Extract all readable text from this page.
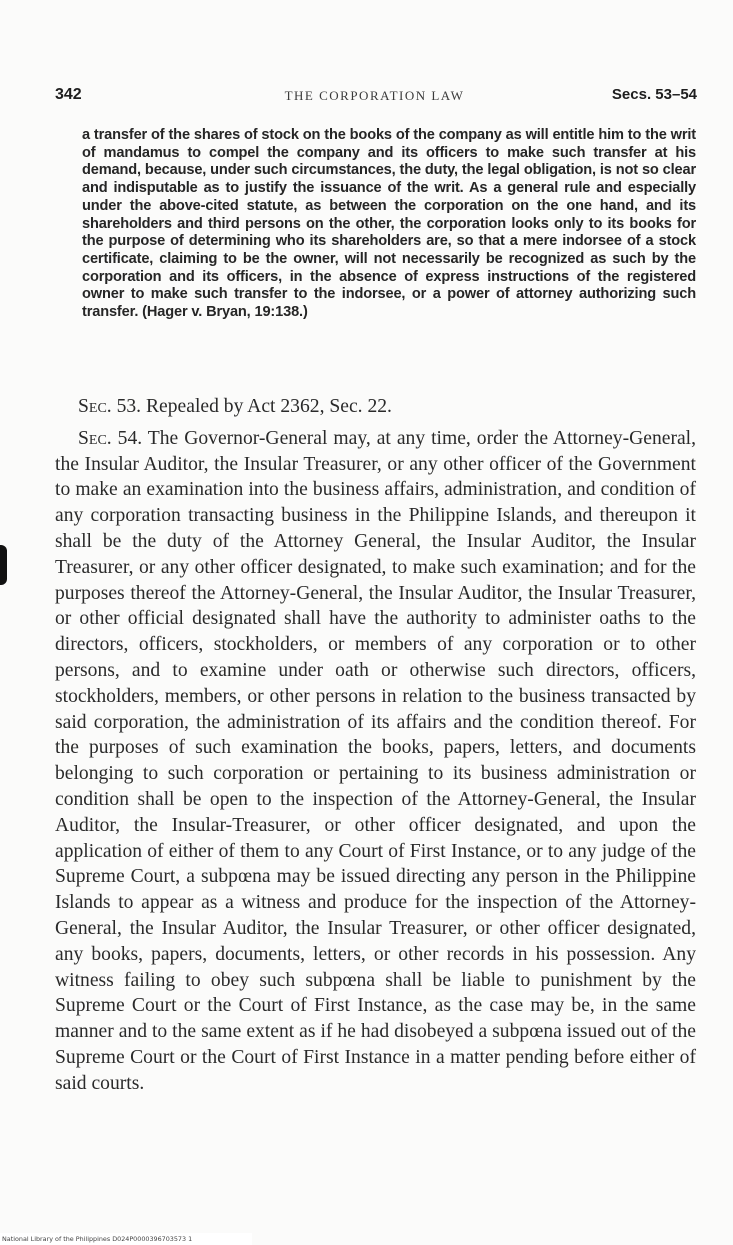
342	THE CORPORATION LAW	Secs. 53–54

a transfer of the shares of stock on the books of the company as will entitle him to the writ of mandamus to compel the company and its officers to make such transfer at his demand, because, under such circumstances, the duty, the legal obligation, is not so clear and indisputable as to justify the issuance of the writ. As a general rule and especially under the above-cited statute, as between the corporation on the one hand, and its shareholders and third persons on the other, the corporation looks only to its books for the purpose of determining who its shareholders are, so that a mere indorsee of a stock certificate, claiming to be the owner, will not necessarily be recognized as such by the corporation and its officers, in the absence of express instructions of the registered owner to make such transfer to the indorsee, or a power of attorney authorizing such transfer. (Hager v. Bryan, 19:138.)

Sec. 53. Repealed by Act 2362, Sec. 22.

Sec. 54. The Governor-General may, at any time, order the Attorney-General, the Insular Auditor, the Insular Treasurer, or any other officer of the Government to make an examination into the business affairs, administration, and condition of any corporation transacting business in the Philippine Islands, and thereupon it shall be the duty of the Attorney General, the Insular Auditor, the Insular Treasurer, or any other officer designated, to make such examination; and for the purposes thereof the Attorney-General, the Insular Auditor, the Insular Treasurer, or other official designated shall have the authority to administer oaths to the directors, officers, stockholders, or members of any corporation or to other persons, and to examine under oath or otherwise such directors, officers, stockholders, members, or other persons in relation to the business transacted by said corporation, the administration of its affairs and the condition thereof. For the purposes of such examination the books, papers, letters, and documents belonging to such corporation or pertaining to its business administration or condition shall be open to the inspection of the Attorney-General, the Insular Auditor, the Insular-Treasurer, or other officer designated, and upon the application of either of them to any Court of First Instance, or to any judge of the Supreme Court, a subpœna may be issued directing any person in the Philippine Islands to appear as a witness and produce for the inspection of the Attorney-General, the Insular Auditor, the Insular Treasurer, or other officer designated, any books, papers, documents, letters, or other records in his possession. Any witness failing to obey such subpœna shall be liable to punishment by the Supreme Court or the Court of First Instance, as the case may be, in the same manner and to the same extent as if he had disobeyed a subpœna issued out of the Supreme Court or the Court of First Instance in a matter pending before either of said courts.

National Library of the Philippines D024P0000396703573 1
